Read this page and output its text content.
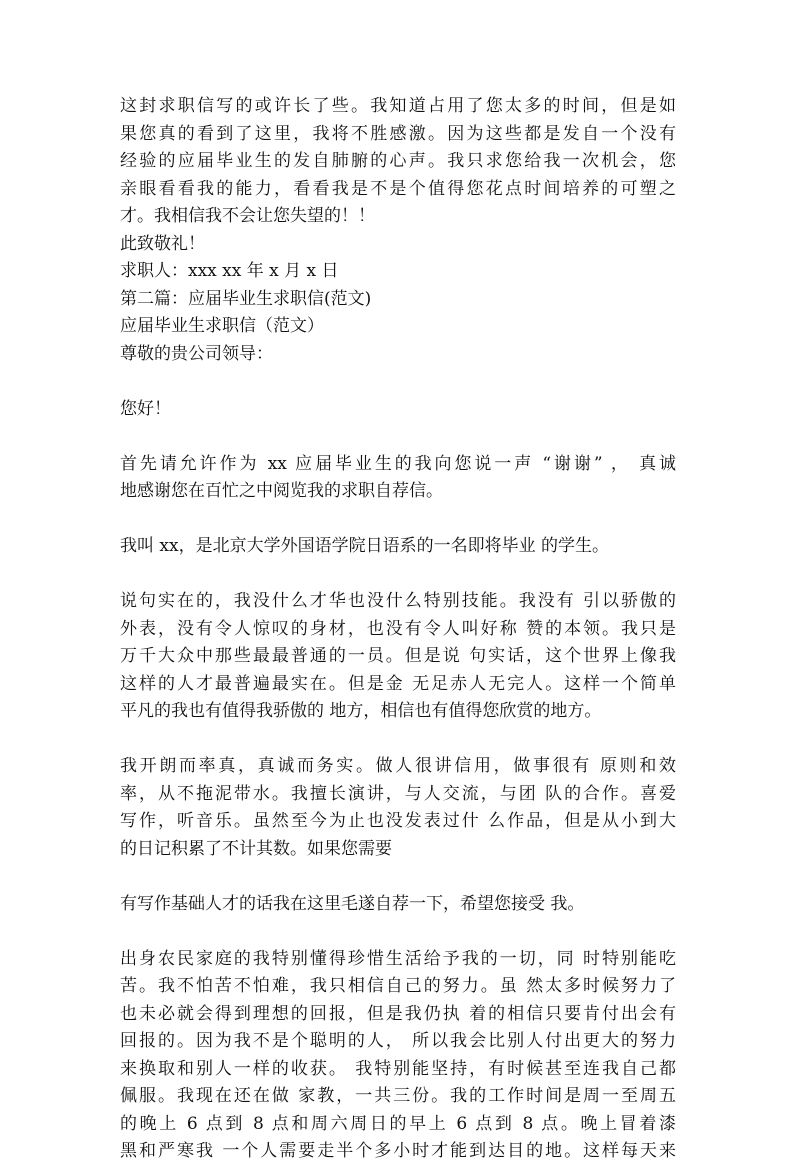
这封求职信写的或许长了些。我知道占用了您太多的时间，但是如
果您真的看到了这里，我将不胜感激。因为这些都是发自一个没有
经验的应届毕业生的发自肺腑的心声。我只求您给我一次机会，您
亲眼看看我的能力，看看我是不是个值得您花点时间培养的可塑之
才。我相信我不会让您失望的！！
此致敬礼！
求职人：xxx xx 年 x 月 x 日
第二篇：应届毕业生求职信(范文)
应届毕业生求职信（范文）
尊敬的贵公司领导：
您好！
首先请允许作为 xx 应届毕业生的我向您说一声 “谢谢” ， 真诚
地感谢您在百忙之中阅览我的求职自荐信。
我叫 xx，是北京大学外国语学院日语系的一名即将毕业 的学生。
说句实在的，我没什么才华也没什么特别技能。我没有 引以骄傲的
外表，没有令人惊叹的身材，也没有令人叫好称 赞的本领。我只是
万千大众中那些最最普通的一员。但是说 句实话，这个世界上像我
这样的人才最普遍最实在。但是金 无足赤人无完人。这样一个简单
平凡的我也有值得我骄傲的 地方，相信也有值得您欣赏的地方。
我开朗而率真，真诚而务实。做人很讲信用，做事很有 原则和效
率，从不拖泥带水。我擅长演讲，与人交流，与团 队的合作。喜爱
写作，听音乐。虽然至今为止也没发表过什 么作品，但是从小到大
的日记积累了不计其数。如果您需要
有写作基础人才的话我在这里毛遂自荐一下，希望您接受 我。
出身农民家庭的我特别懂得珍惜生活给予我的一切，同 时特别能吃
苦。我不怕苦不怕难，我只相信自己的努力。虽 然太多时候努力了
也未必就会得到理想的回报，但是我仍执 着的相信只要肯付出会有
回报的。因为我不是个聪明的人， 所以我会比别人付出更大的努力
来换取和别人一样的收获。 我特别能坚持，有时候甚至连我自己都
佩服。我现在还在做 家教，一共三份。我的工作时间是周一至周五
的晚上 6 点到 8 点和周六周日的早上 6 点到 8 点。晚上冒着漆
黑和严寒我 一个人需要走半个多小时才能到达目的地。这样每天来
